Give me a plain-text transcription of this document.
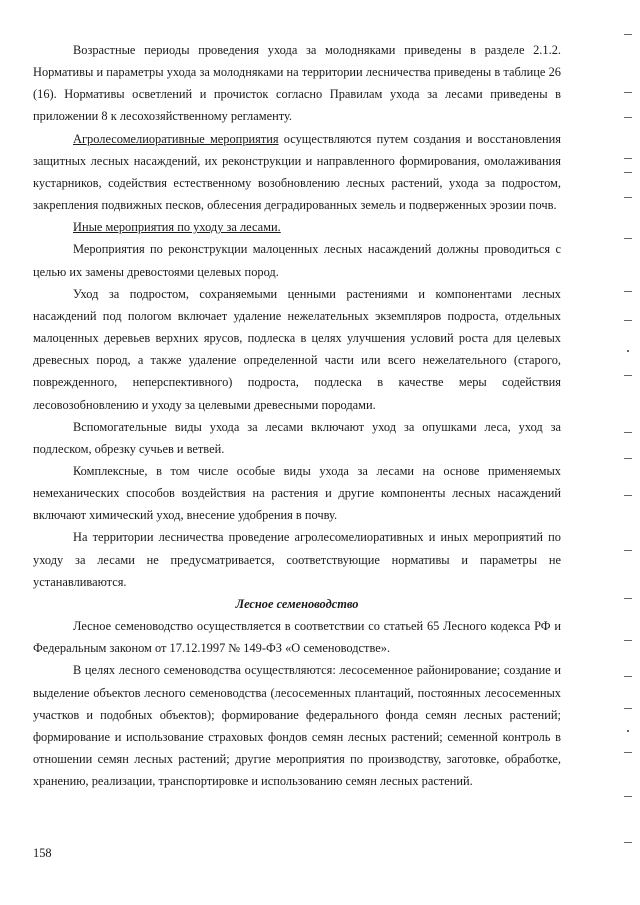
Возрастные периоды проведения ухода за молодняками приведены в разделе 2.1.2. Нормативы и параметры ухода за молодняками на территории лесничества приведены в таблице 26 (16). Нормативы осветлений и прочисток согласно Правилам ухода за лесами приведены в приложении 8 к лесохозяйственному регламенту.

Агролесомелиоративные мероприятия осуществляются путем создания и восстановления защитных лесных насаждений, их реконструкции и направленного формирования, омолаживания кустарников, содействия естественному возобновлению лесных растений, ухода за подростом, закрепления подвижных песков, облесения деградированных земель и подверженных эрозии почв.

Иные мероприятия по уходу за лесами.

Мероприятия по реконструкции малоценных лесных насаждений должны проводиться с целью их замены древостоями целевых пород.

Уход за подростом, сохраняемыми ценными растениями и компонентами лесных насаждений под пологом включает удаление нежелательных экземпляров подроста, отдельных малоценных деревьев верхних ярусов, подлеска в целях улучшения условий роста для целевых древесных пород, а также удаление определенной части или всего нежелательного (старого, поврежденного, неперспективного) подроста, подлеска в качестве меры содействия лесовозобновлению и уходу за целевыми древесными породами.

Вспомогательные виды ухода за лесами включают уход за опушками леса, уход за подлеском, обрезку сучьев и ветвей.

Комплексные, в том числе особые виды ухода за лесами на основе применяемых немеханических способов воздействия на растения и другие компоненты лесных насаждений включают химический уход, внесение удобрения в почву.

На территории лесничества проведение агролесомелиоративных и иных мероприятий по уходу за лесами не предусматривается, соответствующие нормативы и параметры не устанавливаются.

Лесное семеноводство

Лесное семеноводство осуществляется в соответствии со статьей 65 Лесного кодекса РФ и Федеральным законом от 17.12.1997 № 149-ФЗ «О семеноводстве».

В целях лесного семеноводства осуществляются: лесосеменное районирование; создание и выделение объектов лесного семеноводства (лесосеменных плантаций, постоянных лесосеменных участков и подобных объектов); формирование федерального фонда семян лесных растений; формирование и использование страховых фондов семян лесных растений; семенной контроль в отношении семян лесных растений; другие мероприятия по производству, заготовке, обработке, хранению, реализации, транспортировке и использованию семян лесных растений.

158
